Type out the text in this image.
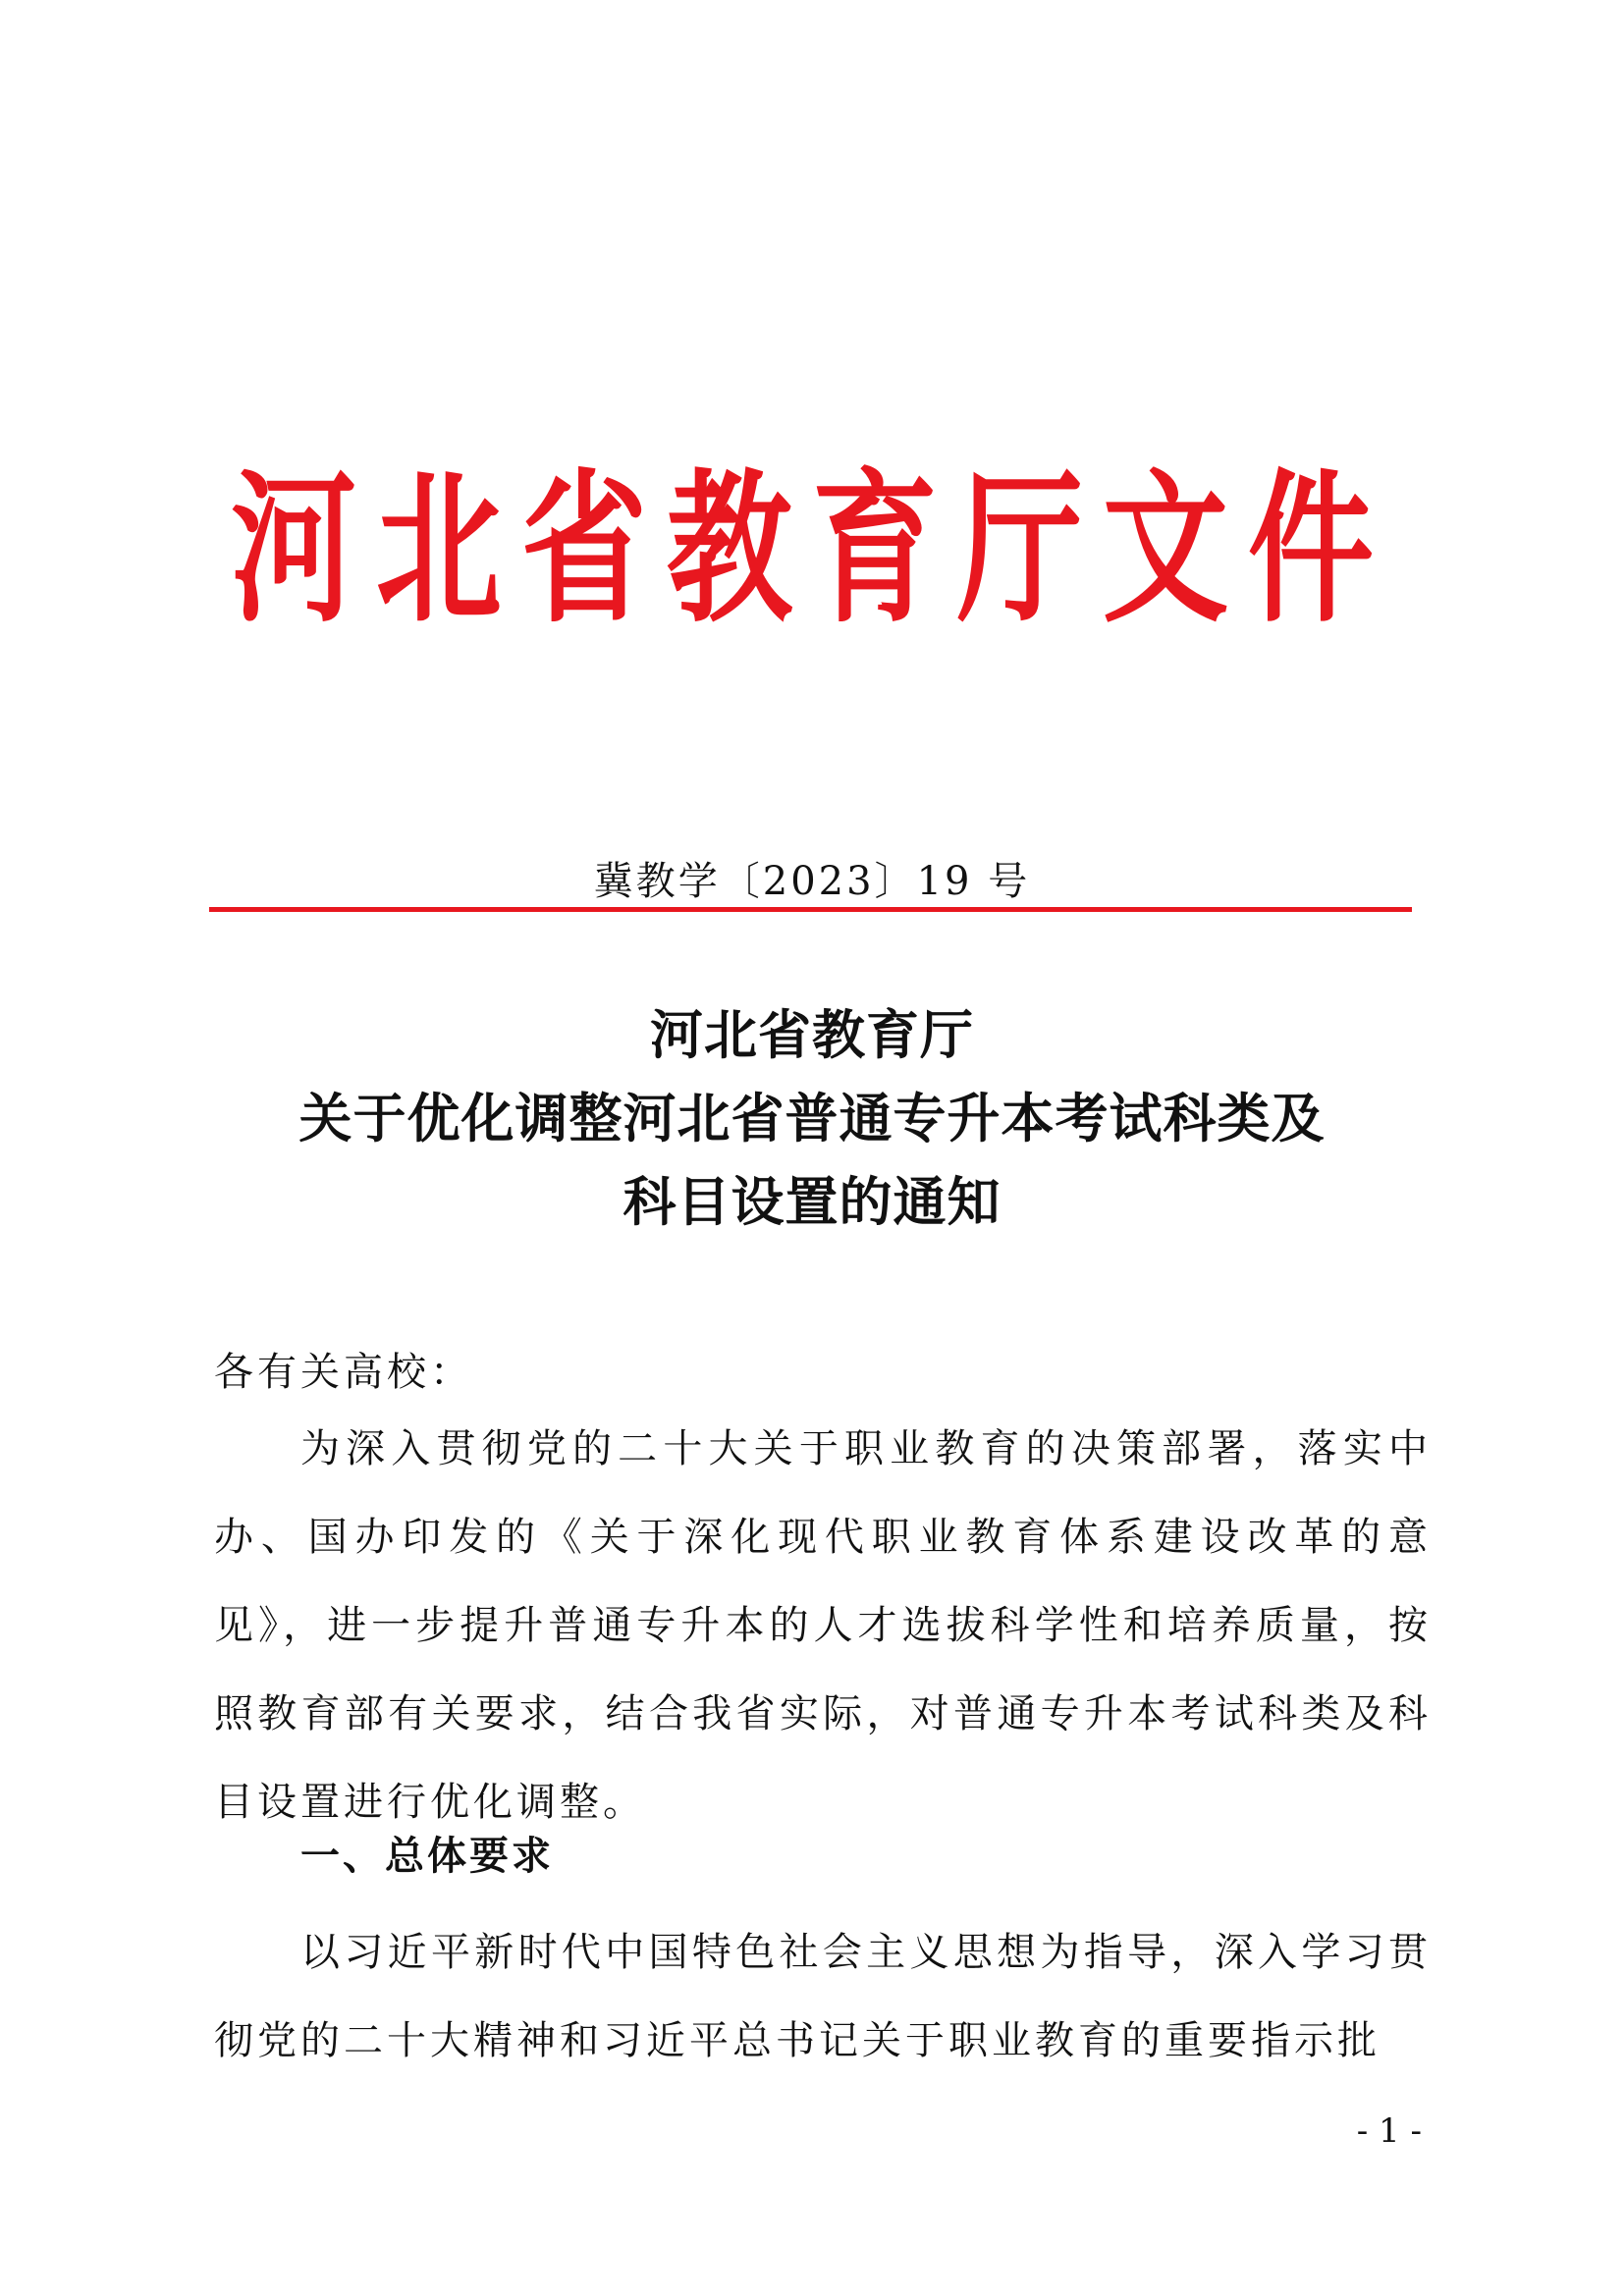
河北省教育厅文件
冀教学〔2023〕19 号
河北省教育厅
关于优化调整河北省普通专升本考试科类及
科目设置的通知
各有关高校：
为深入贯彻党的二十大关于职业教育的决策部署，落实中办、国办印发的《关于深化现代职业教育体系建设改革的意见》，进一步提升普通专升本的人才选拔科学性和培养质量，按照教育部有关要求，结合我省实际，对普通专升本考试科类及科目设置进行优化调整。
一、总体要求
以习近平新时代中国特色社会主义思想为指导，深入学习贯彻党的二十大精神和习近平总书记关于职业教育的重要指示批
- 1 -
